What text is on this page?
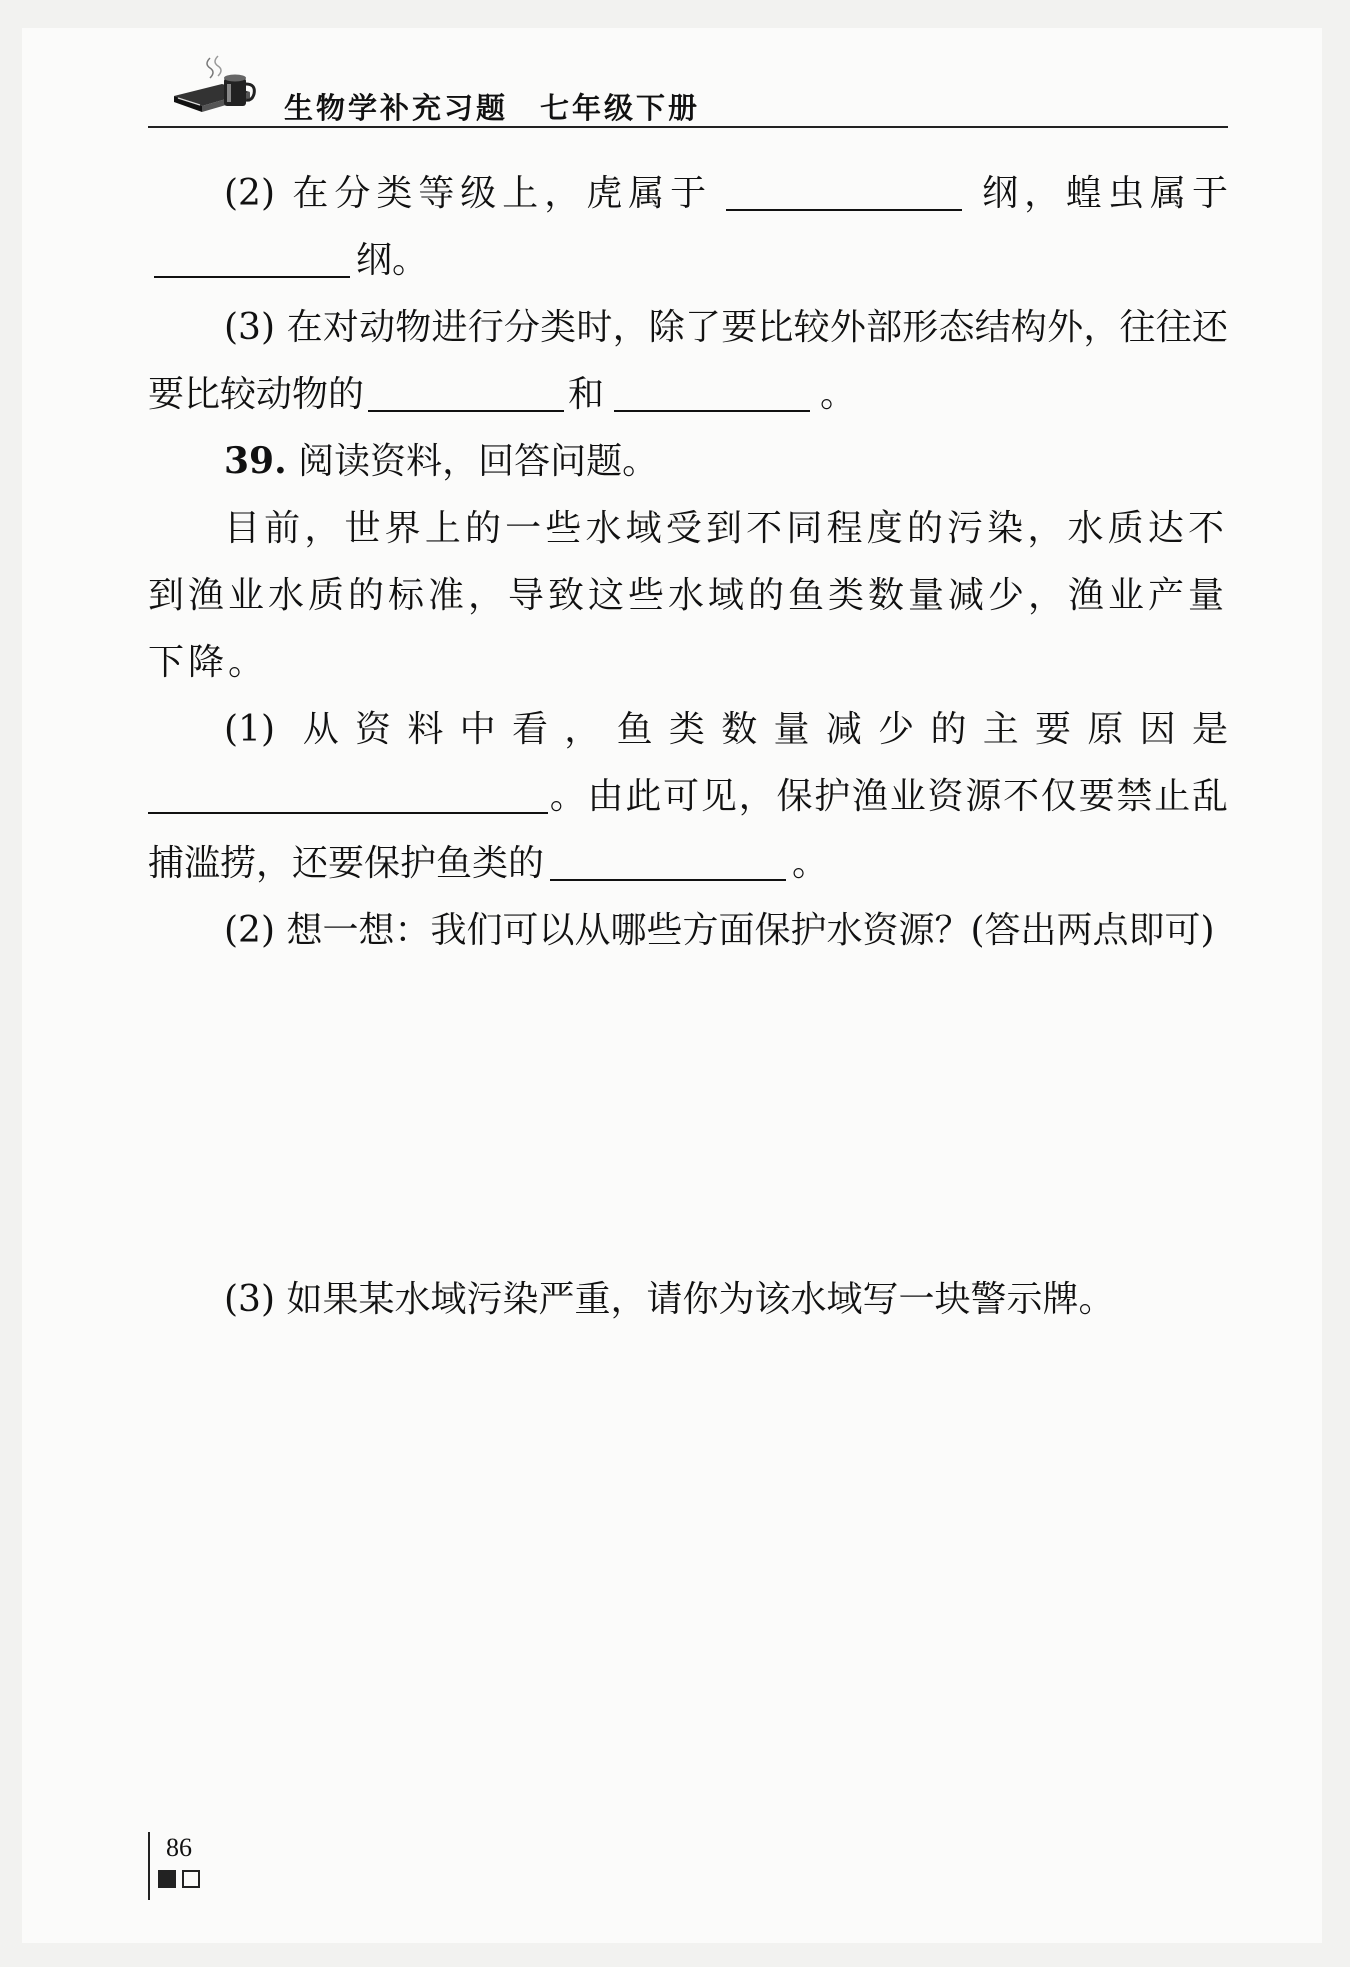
生物学补充习题　七年级下册

(2) 在分类等级上，虎属于	纲，蝗虫属于纲。

(3) 在对动物进行分类时，除了要比较外部形态结构外，往往还要比较动物的	和	。

39. 阅读资料，回答问题。

目前，世界上的一些水域受到不同程度的污染，水质达不到渔业水质的标准，导致这些水域的鱼类数量减少，渔业产量下降。

(1) 从资料中看，鱼类数量减少的主要原因是。由此可见，保护渔业资源不仅要禁止乱捕滥捞，还要保护鱼类的	。

(2) 想一想：我们可以从哪些方面保护水资源？(答出两点即可)

(3) 如果某水域污染严重，请你为该水域写一块警示牌。

86
